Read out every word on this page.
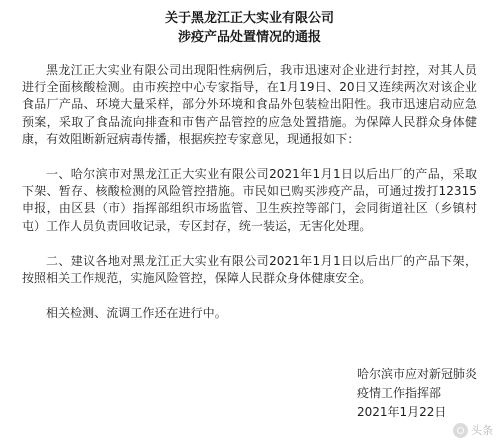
关于黑龙江正大实业有限公司
涉疫产品处置情况的通报

黑龙江正大实业有限公司出现阳性病例后，我市迅速对企业进行封控，对其人员进行全面核酸检测。由市疾控中心专家指导，在1月19日、20日又连续两次对该企业食品厂产品、环境大量采样，部分外环境和食品外包装检出阳性。我市迅速启动应急预案，采取了食品流向排查和市售产品管控的应急处置措施。为保障人民群众身体健康，有效阻断新冠病毒传播，根据疾控专家意见，现通报如下：

一、哈尔滨市对黑龙江正大实业有限公司2021年1月1日以后出厂的产品，采取下架、暂存、核酸检测的风险管控措施。市民如已购买涉疫产品，可通过拨打12315申报，由区县（市）指挥部组织市场监管、卫生疾控等部门，会同街道社区（乡镇村屯）工作人员负责回收记录，专区封存，统一装运，无害化处理。

二、建议各地对黑龙江正大实业有限公司2021年1月1日以后出厂的产品下架，按照相关工作规范，实施风险管控，保障人民群众身体健康安全。

相关检测、流调工作还在进行中。

哈尔滨市应对新冠肺炎
疫情工作指挥部
2021年1月22日
头条
